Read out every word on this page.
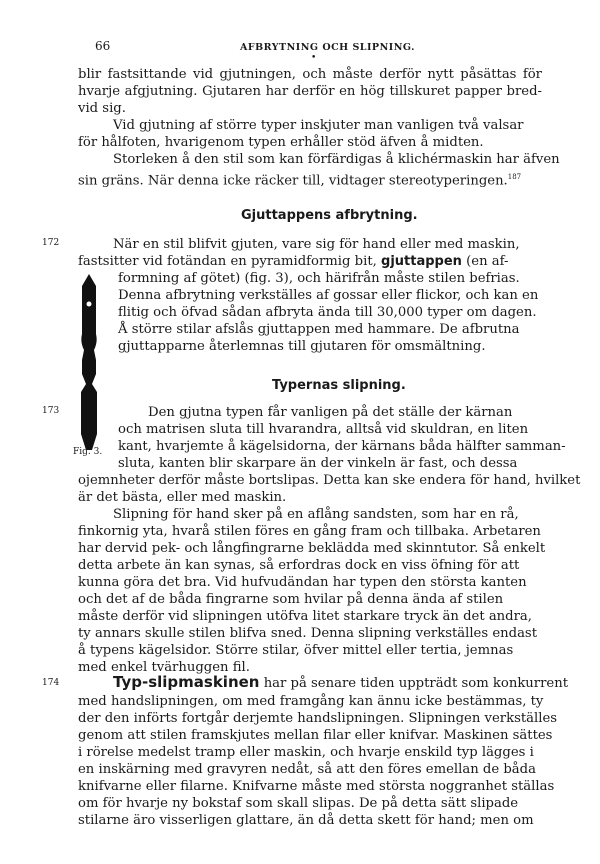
66	AFBRYTNING OCH SLIPNING.
•
blir fastsittande vid gjutningen, och måste derför nytt påsättas för
hvarje afgjutning. Gjutaren har derför en hög tillskuret papper bred-
vid sig.
Vid gjutning af större typer inskjuter man vanligen två valsar
för hålfoten, hvarigenom typen erhåller stöd äfven å midten.
Storleken å den stil som kan förfärdigas å klichérmaskin har äfven
sin gräns. När denna icke räcker till, vidtager stereotyperingen.$^{187}$
Gjuttappens afbrytning.
172	När en stil blifvit gjuten, vare sig för hand eller med maskin,
fastsitter vid fotändan en pyramidformig bit, gjuttappen (en af-
formning af götet) (fig. 3), och härifrån måste stilen befrias.
Denna afbrytning verkställes af gossar eller flickor, och kan en
flitig och öfvad sådan afbryta ända till 30,000 typer om dagen.
Å större stilar afslås gjuttappen med hammare. De afbrutna
gjuttapparne återlemnas till gjutaren för omsmältning.
Fig. 3.
Typernas slipning.
173	Den gjutna typen får vanligen på det ställe der kärnan
och matrisen sluta till hvarandra, alltså vid skuldran, en liten
kant, hvarjemte å kägelsidorna, der kärnans båda hälfter samman-
sluta, kanten blir skarpare än der vinkeln är fast, och dessa
ojemnheter derför måste bortslipas. Detta kan ske endera för hand, hvilket
är det bästa, eller med maskin.
Slipning för hand sker på en aflång sandsten, som har en rå,
finkornig yta, hvarå stilen föres en gång fram och tillbaka. Arbetaren
har dervid pek- och långfingrarne beklädda med skinntutor. Så enkelt
detta arbete än kan synas, så erfordras dock en viss öfning för att
kunna göra det bra. Vid hufvudändan har typen den största kanten
och det af de båda fingrarne som hvilar på denna ända af stilen
måste derför vid slipningen utöfva litet starkare tryck än det andra,
ty annars skulle stilen blifva sned. Denna slipning verkställes endast
å typens kägelsidor. Större stilar, öfver mittel eller tertia, jemnas
med enkel tvärhuggen fil.
174	Typ-slipmaskinen har på senare tiden uppträdt som konkurrent
med handslipningen, om med framgång kan ännu icke bestämmas, ty
der den införts fortgår derjemte handslipningen. Slipningen verkställes
genom att stilen framskjutes mellan filar eller knifvar. Maskinen sättes
i rörelse medelst tramp eller maskin, och hvarje enskild typ lägges i
en inskärning med gravyren nedåt, så att den föres emellan de båda
knifvarne eller filarne. Knifvarne måste med största noggranhet ställas
om för hvarje ny bokstaf som skall slipas. De på detta sätt slipade
stilarne äro visserligen glattare, än då detta skett för hand; men om
